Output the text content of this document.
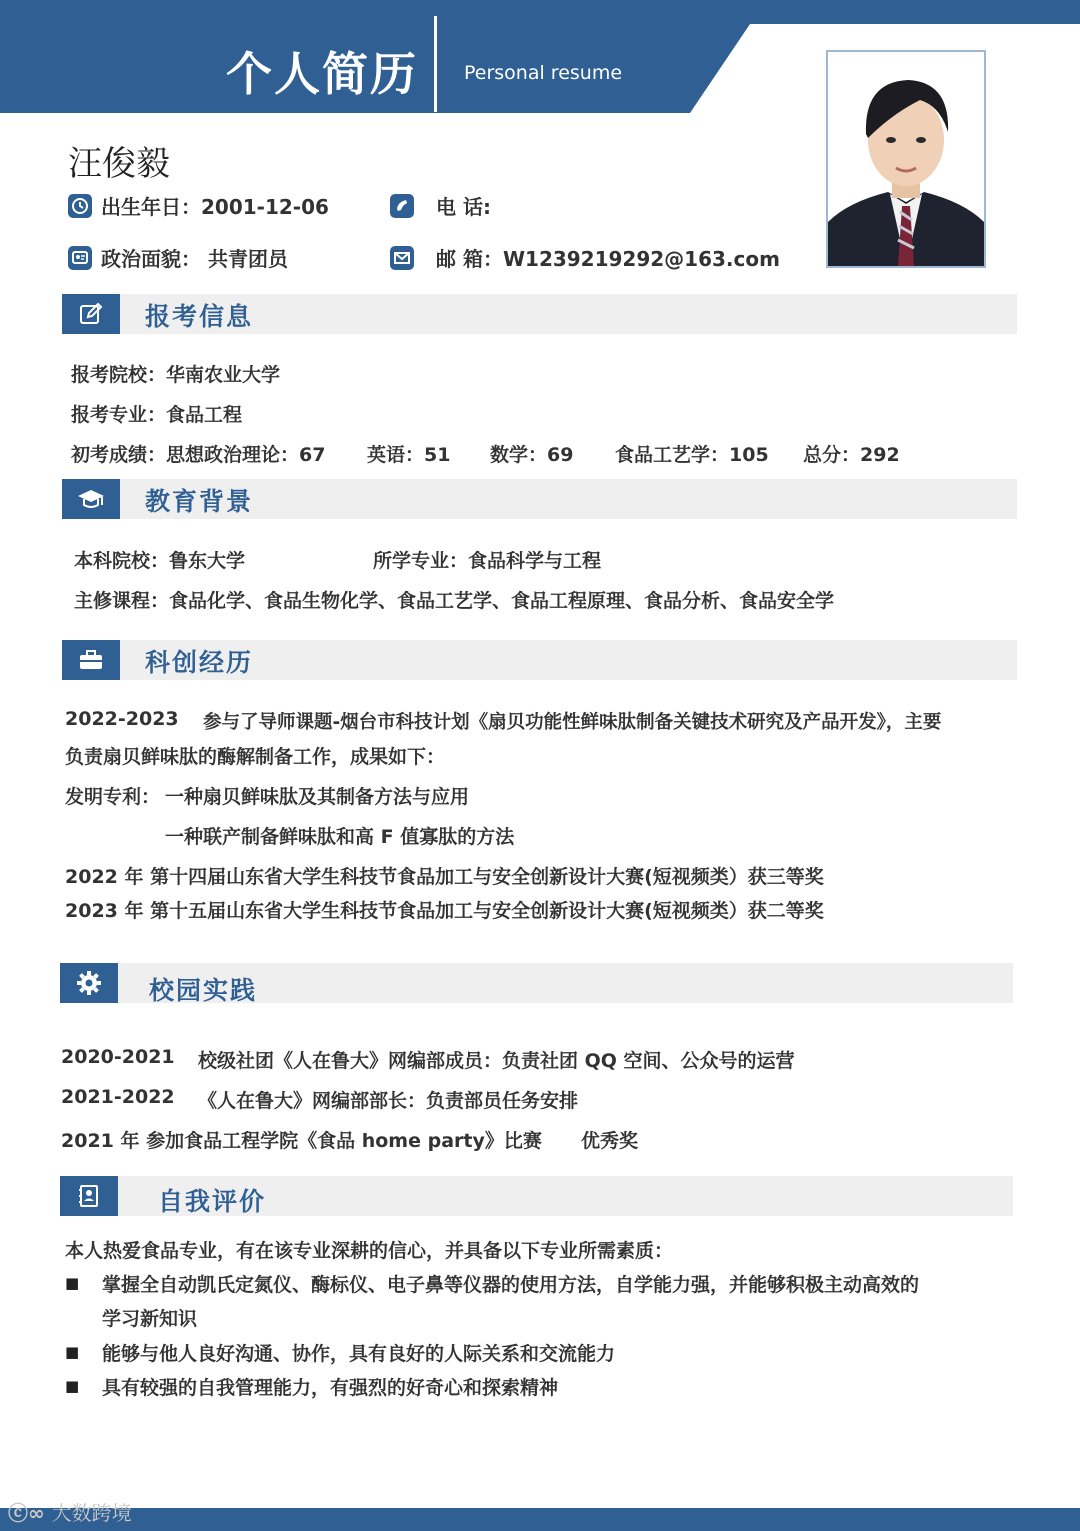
个人简历 Personal resume
汪俊毅
出生年日：2001-12-06	电 话:
政治面貌： 共青团员	邮 箱：W1239219292@163.com
报考信息
报考院校：华南农业大学
报考专业：食品工程
初考成绩：思想政治理论：67 英语：51 数学：69 食品工艺学：105 总分：292
教育背景
本科院校：鲁东大学	所学专业：食品科学与工程
主修课程：食品化学、食品生物化学、食品工艺学、食品工程原理、食品分析、食品安全学
科创经历
2022-2023 参与了导师课题-烟台市科技计划《扇贝功能性鲜味肽制备关键技术研究及产品开发》，主要
负责扇贝鲜味肽的酶解制备工作，成果如下：
发明专利： 一种扇贝鲜味肽及其制备方法与应用
一种联产制备鲜味肽和高 F 值寡肽的方法
2022 年 第十四届山东省大学生科技节食品加工与安全创新设计大赛(短视频类）获三等奖
2023 年 第十五届山东省大学生科技节食品加工与安全创新设计大赛(短视频类）获二等奖
校园实践
2020-2021 校级社团《人在鲁大》网编部成员：负责社团 QQ 空间、公众号的运营
2021-2022 《人在鲁大》网编部部长：负责部员任务安排
2021 年 参加食品工程学院《食品 home party》比赛 优秀奖
自我评价
本人热爱食品专业，有在该专业深耕的信心，并具备以下专业所需素质：
■ 掌握全自动凯氏定氮仪、酶标仪、电子鼻等仪器的使用方法，自学能力强，并能够积极主动高效的
学习新知识
■ 能够与他人良好沟通、协作，具有良好的人际关系和交流能力
■ 具有较强的自我管理能力，有强烈的好奇心和探索精神
ⓒ∞ 大数跨境
